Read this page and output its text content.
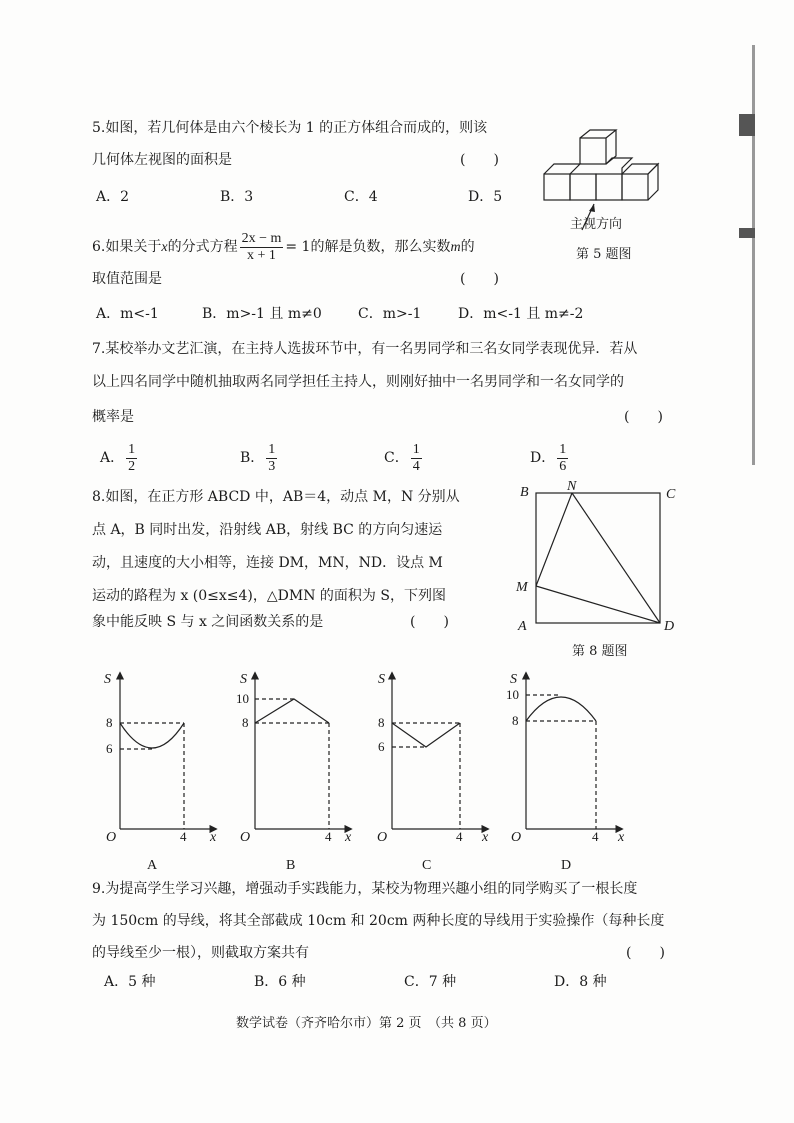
5.如图，若几何体是由六个棱长为 1 的正方体组合而成的，则该
几何体左视图的面积是	(　　)
A．2	B．3	C．4	D．5
主视方向
第 5 题图
6.如果关于x的分式方程 $\frac{2x - m}{x + 1} = 1$的解是负数，那么实数m的
取值范围是	(　　)
A．m<-1	B．m>-1 且 m≠0	C．m>-1	D．m<-1 且 m≠-2
7.某校举办文艺汇演，在主持人选拔环节中，有一名男同学和三名女同学表现优异．若从
以上四名同学中随机抽取两名同学担任主持人，则刚好抽中一名男同学和一名女同学的
概率是	(　　)
A． $\frac{1}{2}$	B． $\frac{1}{3}$	C． $\frac{1}{4}$	D． $\frac{1}{6}$
8.如图，在正方形 ABCD 中，AB＝4，动点 M，N 分别从
点 A，B 同时出发，沿射线 AB，射线 BC 的方向匀速运
动，且速度的大小相等，连接 DM，MN，ND．设点 M
运动的路程为 x (0≤x≤4)，△DMN 的面积为 S，下列图
象中能反映 S 与 x 之间函数关系的是	(　　)
B	N
C
M
A	D
第 8 题图
S
8
6
O	4 x
A
S
10
8
O	4 x
B
S
8
6
O	4 x
C
S
10
8
O	4 x
D
9.为提高学生学习兴趣，增强动手实践能力，某校为物理兴趣小组的同学购买了一根长度
为 150cm 的导线，将其全部截成 10cm 和 20cm 两种长度的导线用于实验操作（每种长度
的导线至少一根），则截取方案共有	(　　)
A．5 种	B．6 种	C．7 种	D．8 种
数学试卷（齐齐哈尔市）第 2 页　（共 8 页）
